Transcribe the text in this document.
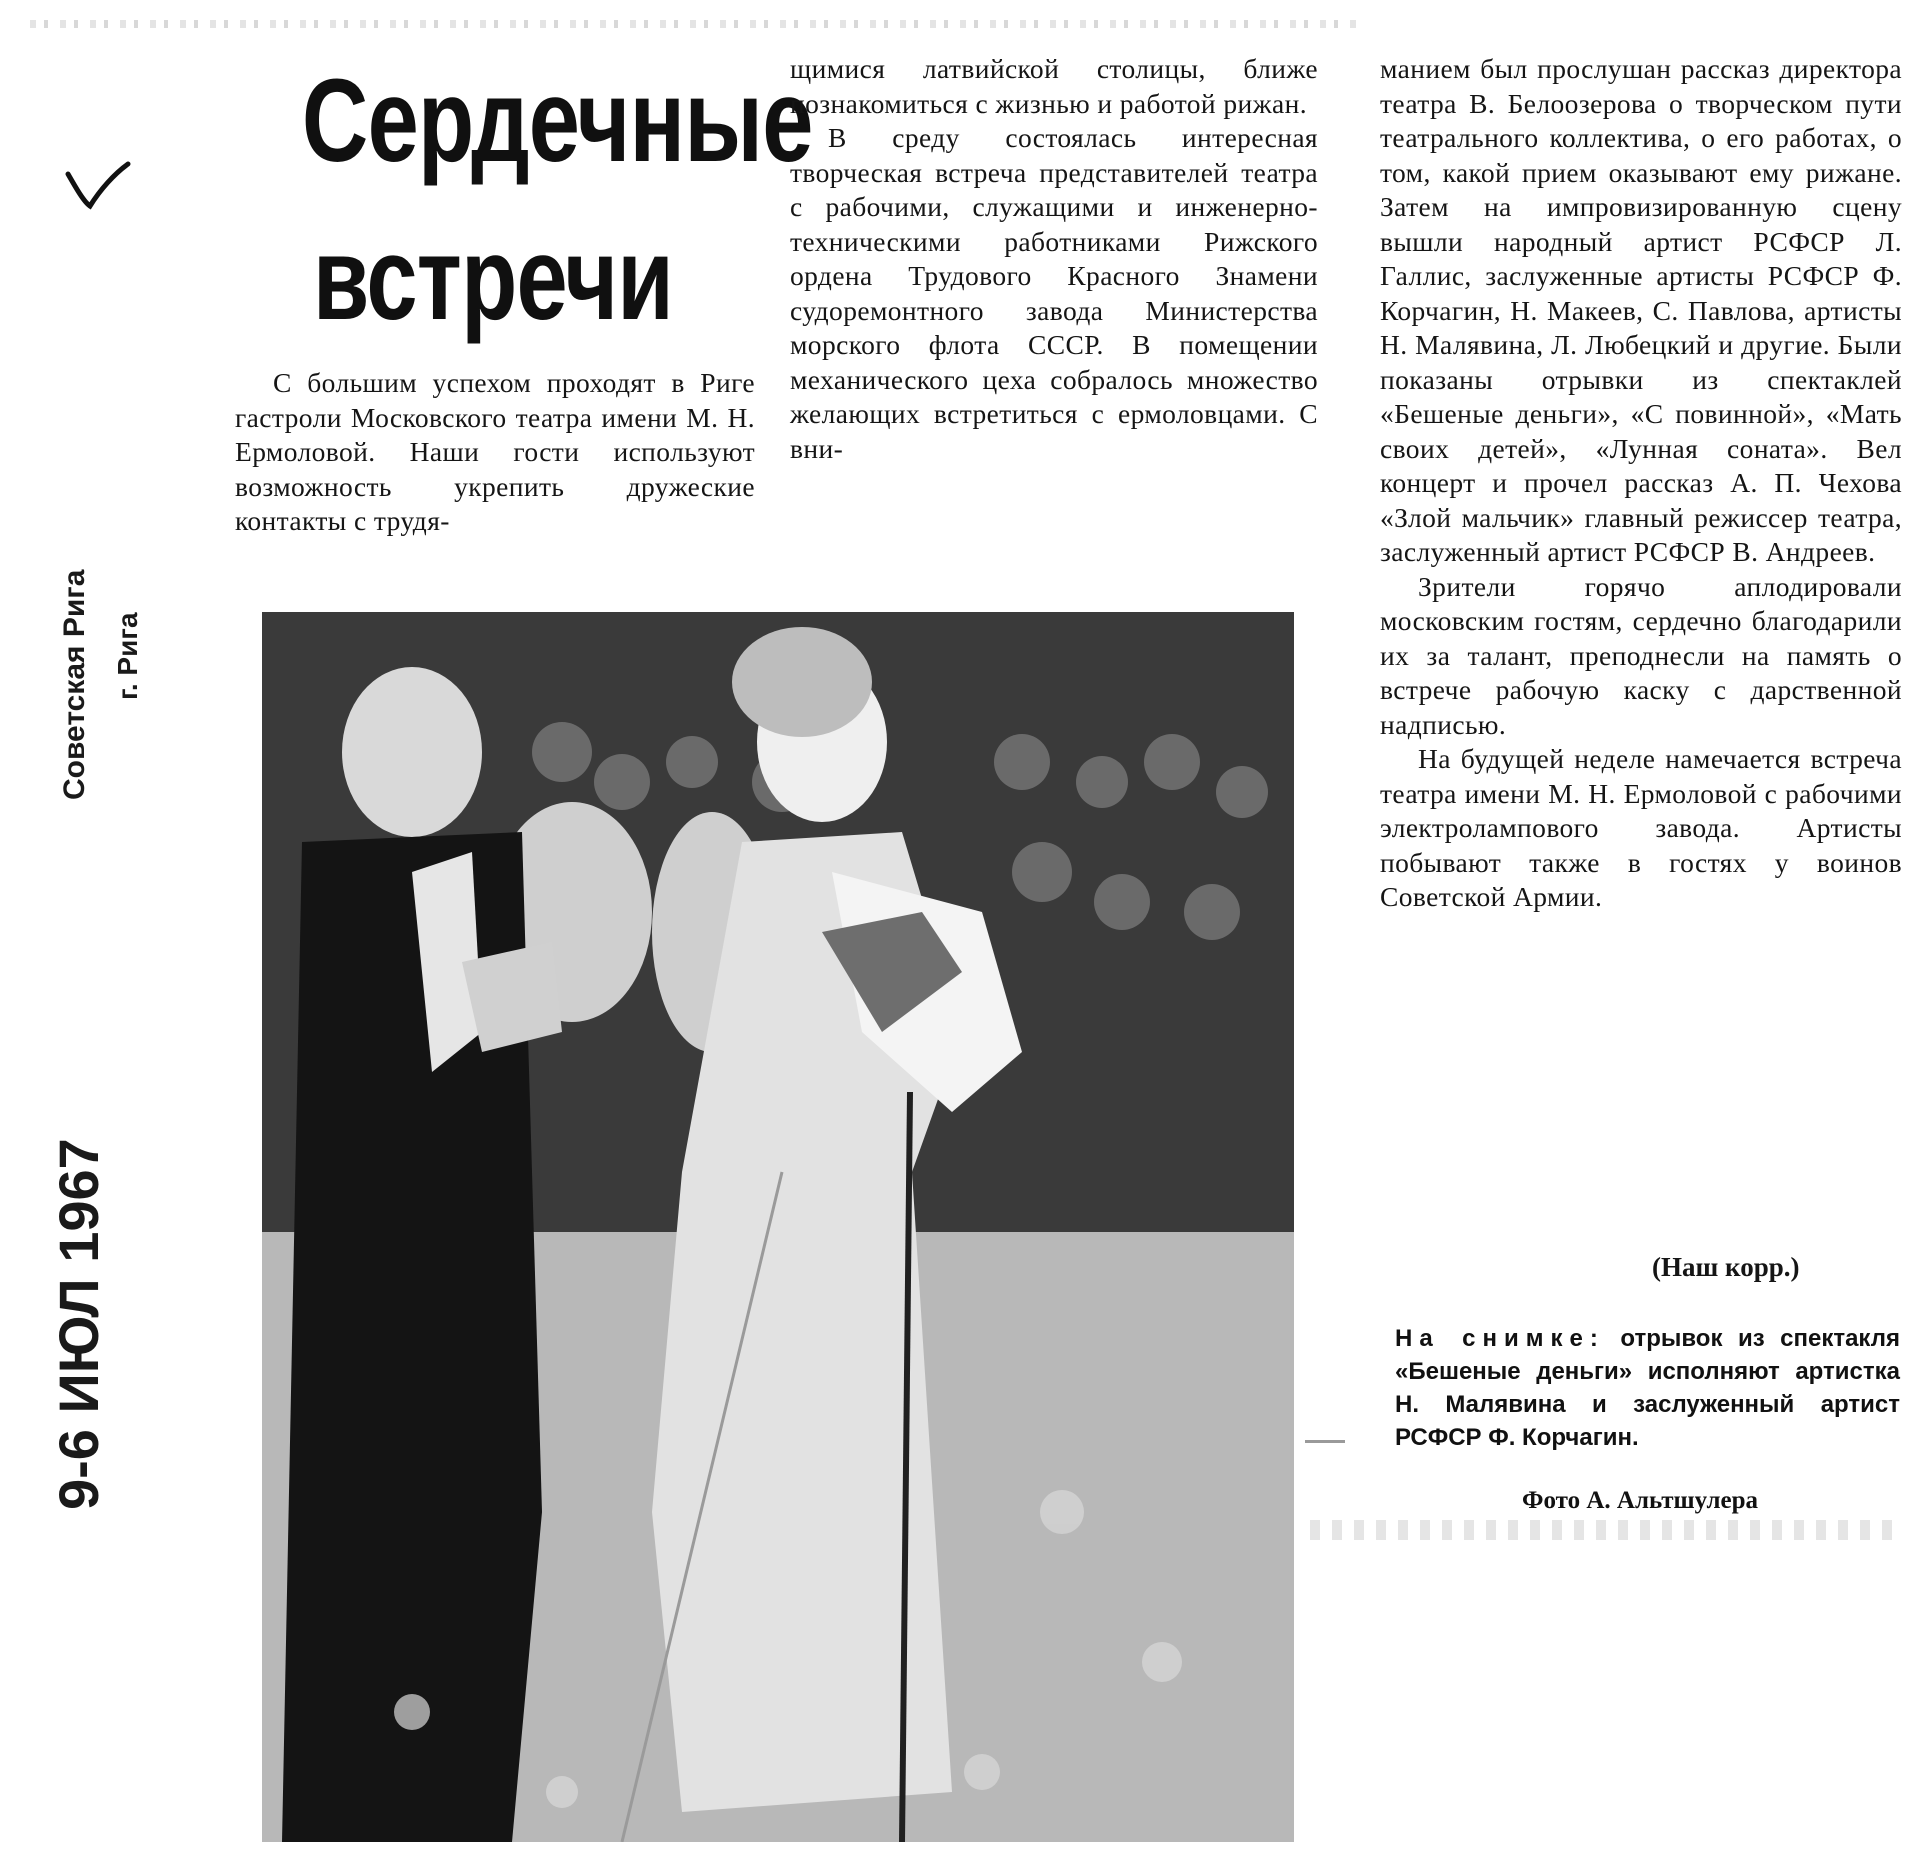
9-6 ИЮЛ 1967
Советская Рига г. Рига
Сердечные
встречи

С большим успехом проходят в Риге гастроли Московского театра имени М. Н. Ермоловой. Наши гости используют возможность укрепить дружеские контакты с трудя-

щимися латвийской столицы, ближе познакомиться с жизнью и работой рижан.

В среду состоялась интересная творческая встреча представителей театра с рабочими, служащими и инженерно-техническими работниками Рижского ордена Трудового Красного Знамени судоремонтного завода Министерства морского флота СССР. В помещении механического цеха собралось множество желающих встретиться с ермоловцами. С вни-

манием был прослушан рассказ директора театра В. Белоозерова о творческом пути театрального коллектива, о его работах, о том, какой прием оказывают ему рижане. Затем на импровизированную сцену вышли народный артист РСФСР Л. Галлис, заслуженные артисты РСФСР Ф. Корчагин, Н. Макеев, С. Павлова, артисты Н. Малявина, Л. Любецкий и другие. Были показаны отрывки из спектаклей «Бешеные деньги», «С повинной», «Мать своих детей», «Лунная соната». Вел концерт и прочел рассказ А. П. Чехова «Злой мальчик» главный режиссер театра, заслуженный артист РСФСР В. Андреев.

Зрители горячо аплодировали московским гостям, сердечно благодарили их за талант, преподнесли на память о встрече рабочую каску с дарственной надписью.

На будущей неделе намечается встреча театра имени М. Н. Ермоловой с рабочими электролампового завода. Артисты побывают также в гостях у воинов Советской Армии.

(Наш корр.)
На снимке: отрывок из спектакля «Бешеные деньги» исполняют артистка Н. Малявина и заслуженный артист РСФСР Ф. Корчагин.
Фото А. Альтшулера
